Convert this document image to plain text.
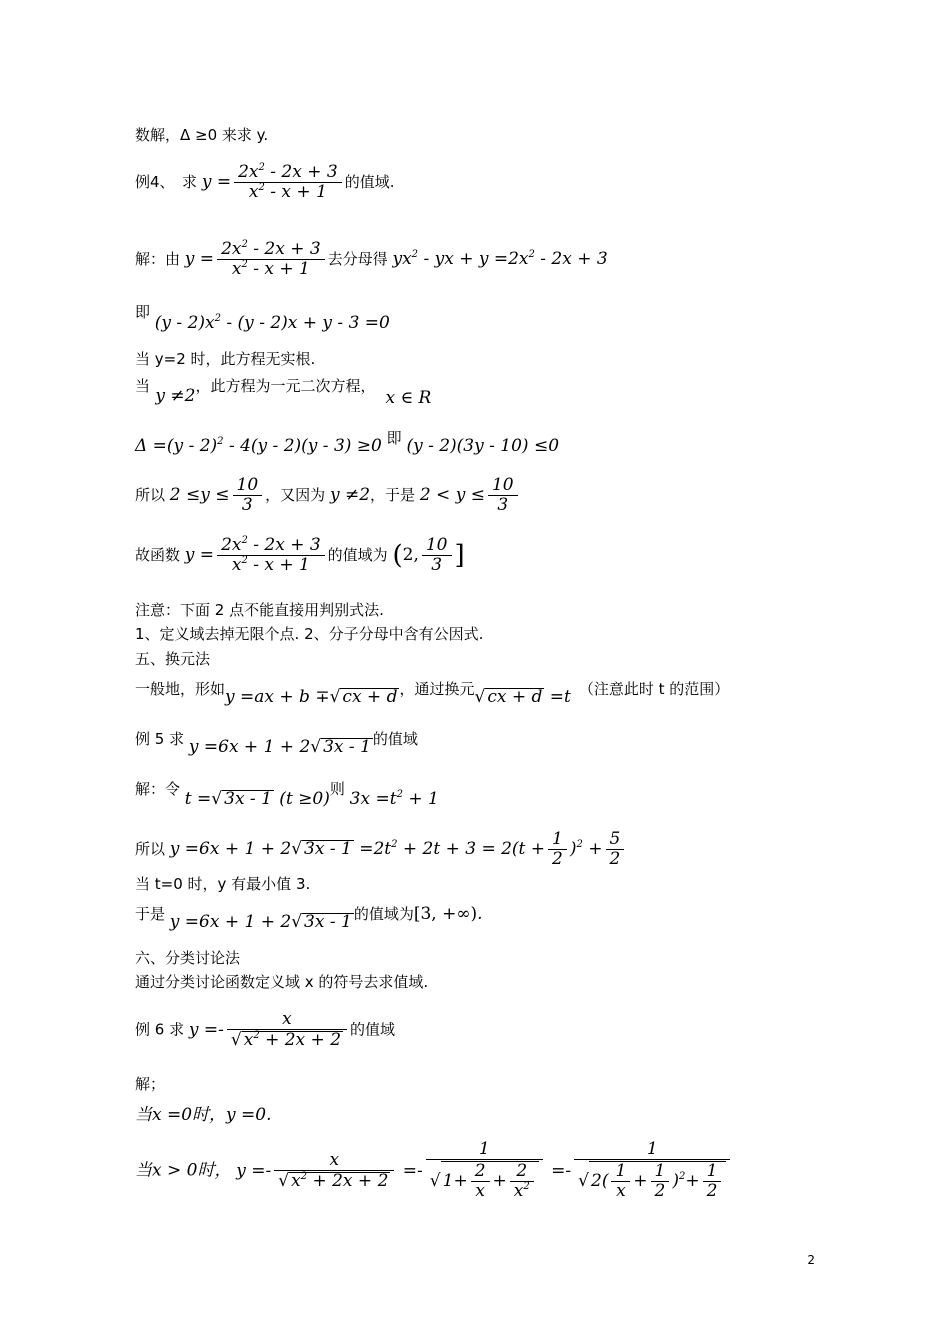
数解，Δ ≥0 来求 y.
例4、　求 $y = \frac{2x^2 - 2x + 3}{x^2 - x + 1}$ 的值域.
解：由 $y = \frac{2x^2 - 2x + 3}{x^2 - x + 1}$ 去分母得 $yx^2$ - yx + $y =2x^2 - 2x + 3$
即 $(y - 2)x^2 - (y - 2)x + y - 3 =0$
当 y=2 时，此方程无实根.
当 y ≠2，此方程为一元二次方程，x ∈ R
Δ =(y - 2)$^2$ - 4(y - 2)(y - 3) ≥0 即 (y - 2)(3y - 10) ≤0
所以 $2 \le y \le \frac{10}{3}$ ，又因为 y ≠2，于是 $2 < y \le \frac{10}{3}$
故函数 $y = \frac{2x^2 - 2x + 3}{x^2 - x + 1}$ 的值域为 (2, $\frac{10}{3}$ ]
注意：下面 2 点不能直接用判别式法.
1、定义域去掉无限个点. 2、分子分母中含有公因式.
五、换元法
一般地，形如y =ax + b ∓√ cx + d ，通过换元√ cx + d =t （注意此时 t 的范围）
例 5 求 y =6x + 1 + 2√ 3x - 1 的值域
解：令 t =√ 3x - 1 (t ≥0)则 $3x =t^2 + 1$
所以 y =6x + 1 + 2√ $3x - 1 =2t^2 + 2t + 3 = 2(t + \frac{1}{2} )^2 + \frac{5}{2}$
当 t=0 时，y 有最小值 3.
于是 y =6x + 1 + 2√ 3x - 1 的值域为[3, +∞).
六、分类讨论法
通过分类讨论函数定义域 x 的符号去求值域.
例 6 求 $y =- \frac{x}{√ x^2 + 2x + 2}$ 的值域
解；
当x =0时，y =0.
当x > 0时， $y =- \frac{x}{√ x^2 + 2x + 2} =- \frac{1}{√ 1+ \frac{2}{x} + \frac{2}{x^2}} =- \frac{1}{√ 2( \frac{1}{x} + \frac{1}{2} )^2+ \frac{1}{2}}$
2
